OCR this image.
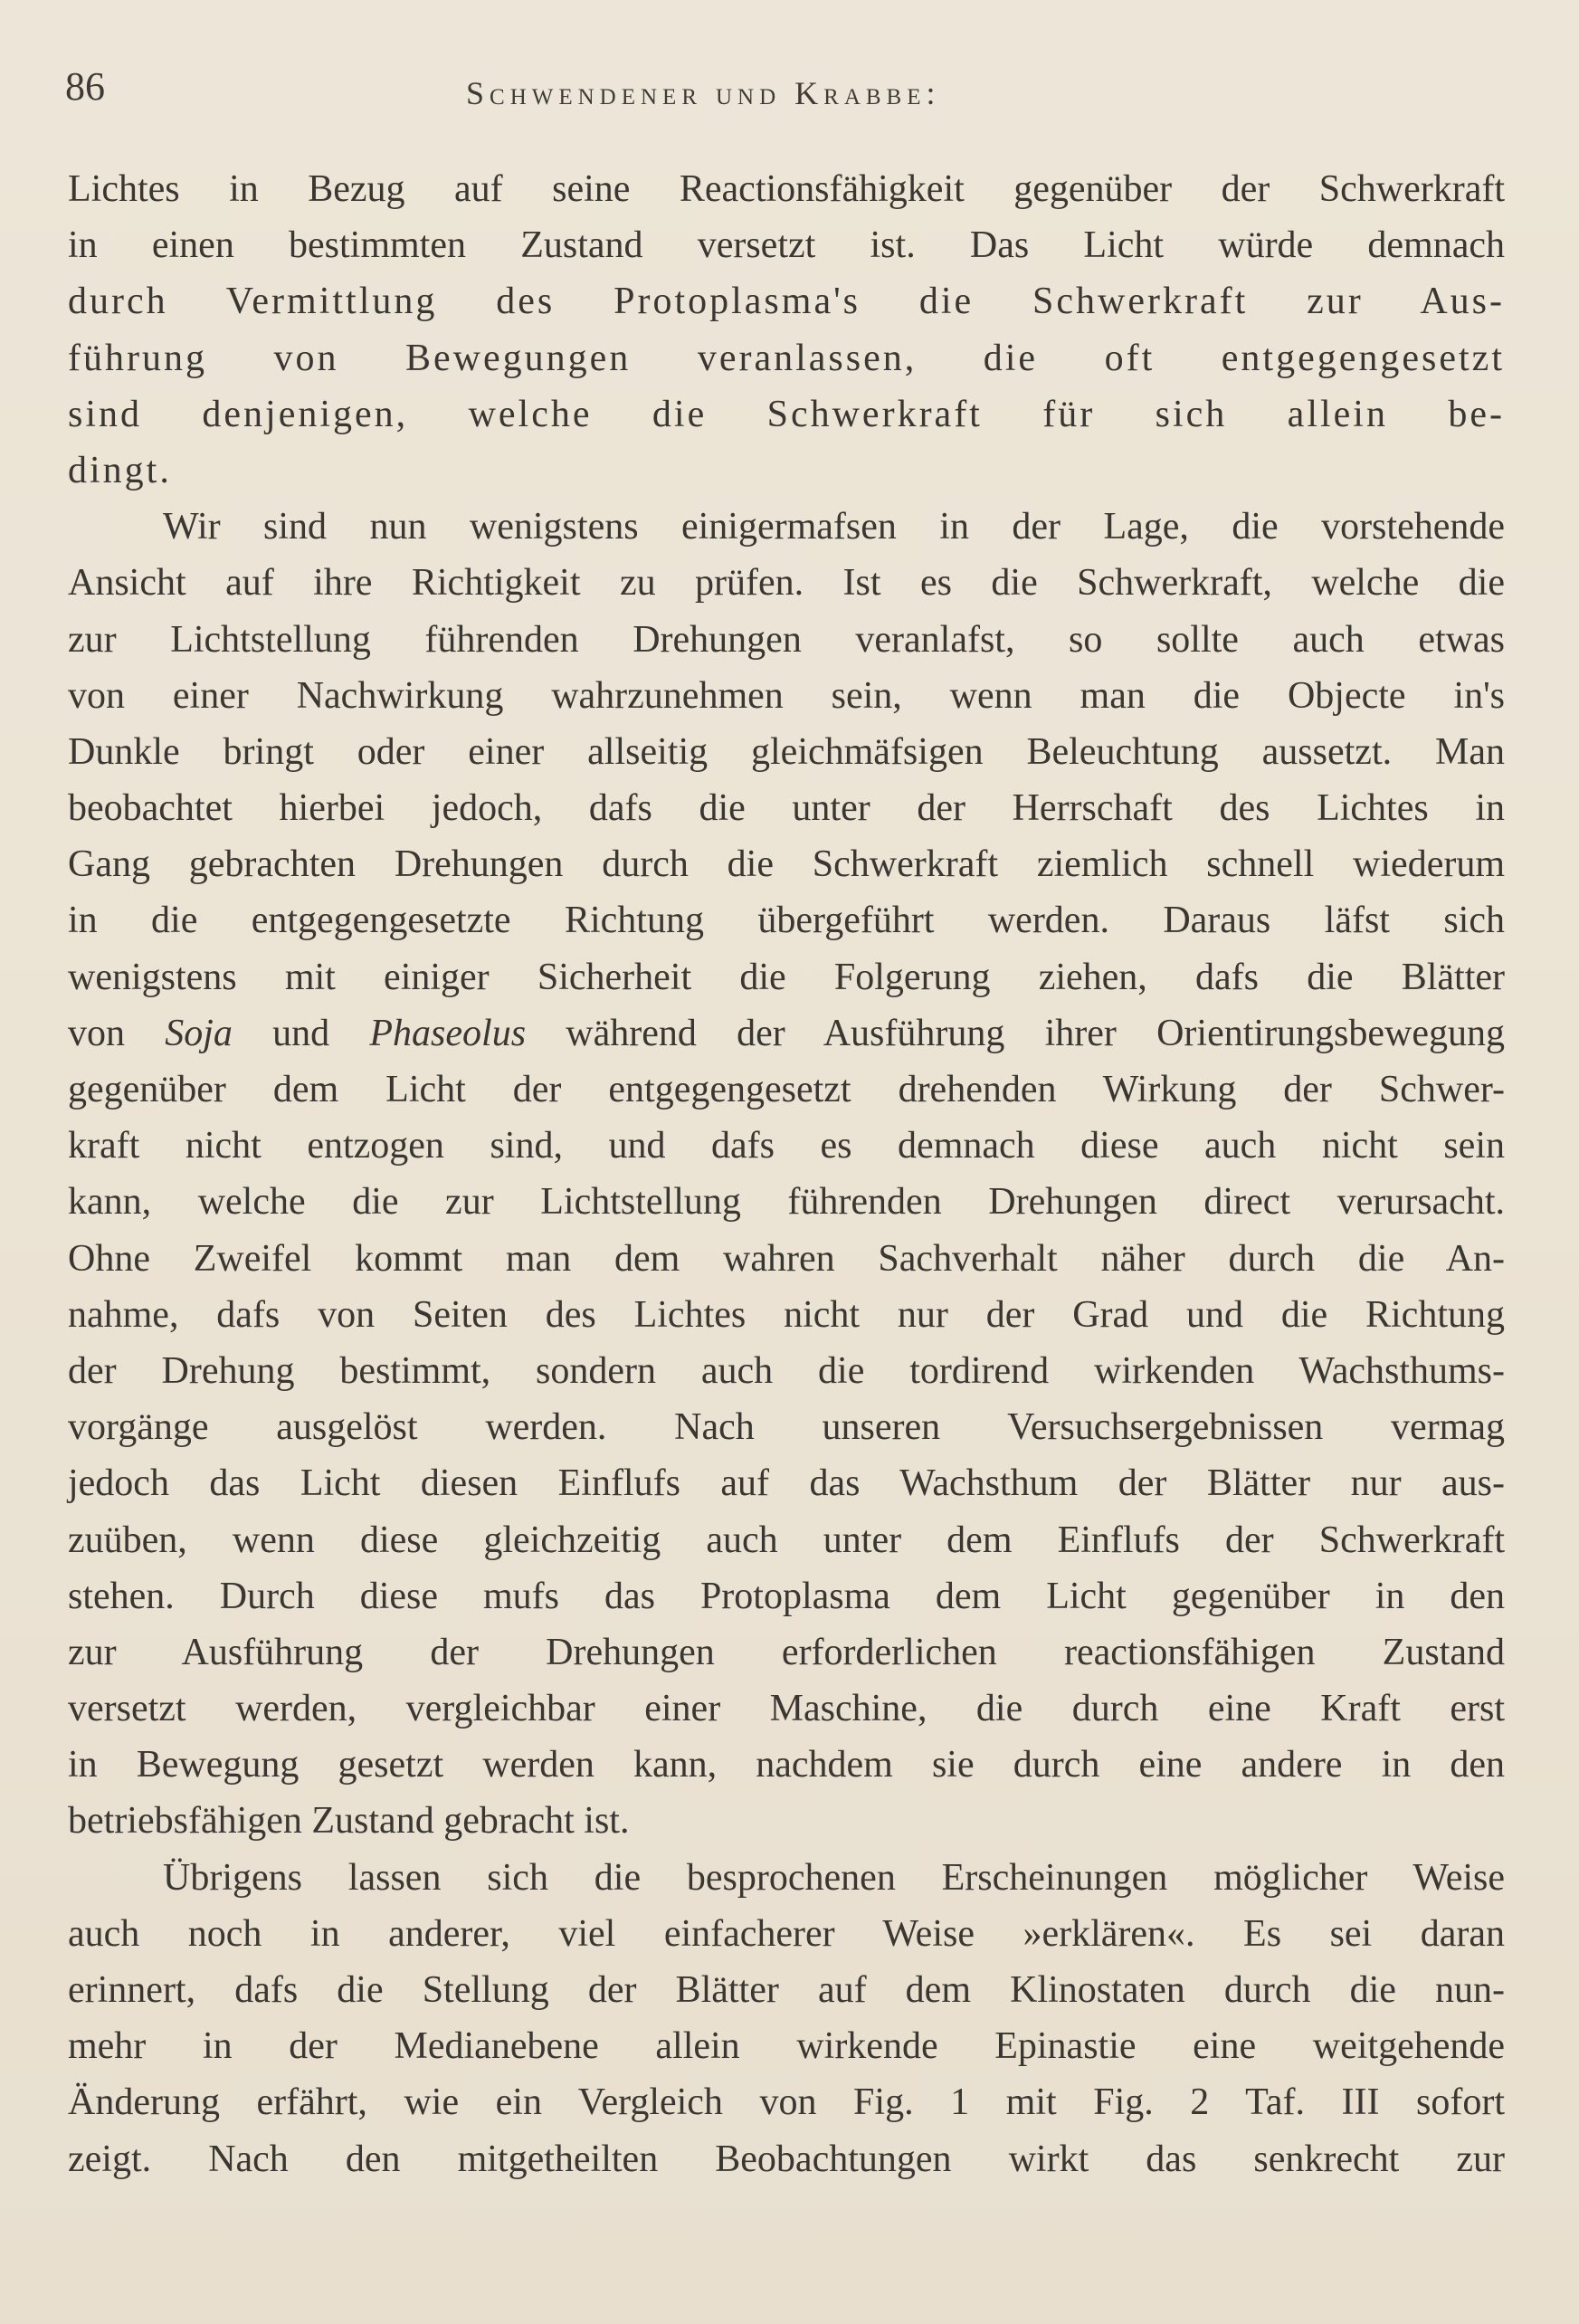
86	Schwendener und Krabbe:
Lichtes in Bezug auf seine Reactionsfähigkeit gegenüber der Schwerkraft
in einen bestimmten Zustand versetzt ist. Das Licht würde demnach
durch Vermittlung des Protoplasma's die Schwerkraft zur Aus-
führung von Bewegungen veranlassen, die oft entgegengesetzt
sind denjenigen, welche die Schwerkraft für sich allein be-
dingt.
Wir sind nun wenigstens einigermafsen in der Lage, die vorstehende
Ansicht auf ihre Richtigkeit zu prüfen. Ist es die Schwerkraft, welche die
zur Lichtstellung führenden Drehungen veranlafst, so sollte auch etwas
von einer Nachwirkung wahrzunehmen sein, wenn man die Objecte in's
Dunkle bringt oder einer allseitig gleichmäfsigen Beleuchtung aussetzt. Man
beobachtet hierbei jedoch, dafs die unter der Herrschaft des Lichtes in
Gang gebrachten Drehungen durch die Schwerkraft ziemlich schnell wiederum
in die entgegengesetzte Richtung übergeführt werden. Daraus läfst sich
wenigstens mit einiger Sicherheit die Folgerung ziehen, dafs die Blätter
von Soja und Phaseolus während der Ausführung ihrer Orientirungsbewegung
gegenüber dem Licht der entgegengesetzt drehenden Wirkung der Schwer-
kraft nicht entzogen sind, und dafs es demnach diese auch nicht sein
kann, welche die zur Lichtstellung führenden Drehungen direct verursacht.
Ohne Zweifel kommt man dem wahren Sachverhalt näher durch die An-
nahme, dafs von Seiten des Lichtes nicht nur der Grad und die Richtung
der Drehung bestimmt, sondern auch die tordirend wirkenden Wachsthums-
vorgänge ausgelöst werden. Nach unseren Versuchsergebnissen vermag
jedoch das Licht diesen Einflufs auf das Wachsthum der Blätter nur aus-
zuüben, wenn diese gleichzeitig auch unter dem Einflufs der Schwerkraft
stehen. Durch diese mufs das Protoplasma dem Licht gegenüber in den
zur Ausführung der Drehungen erforderlichen reactionsfähigen Zustand
versetzt werden, vergleichbar einer Maschine, die durch eine Kraft erst
in Bewegung gesetzt werden kann, nachdem sie durch eine andere in den
betriebsfähigen Zustand gebracht ist.
Übrigens lassen sich die besprochenen Erscheinungen möglicher Weise
auch noch in anderer, viel einfacherer Weise »erklären«. Es sei daran
erinnert, dafs die Stellung der Blätter auf dem Klinostaten durch die nun-
mehr in der Medianebene allein wirkende Epinastie eine weitgehende
Änderung erfährt, wie ein Vergleich von Fig. 1 mit Fig. 2 Taf. III sofort
zeigt. Nach den mitgetheilten Beobachtungen wirkt das senkrecht zur
